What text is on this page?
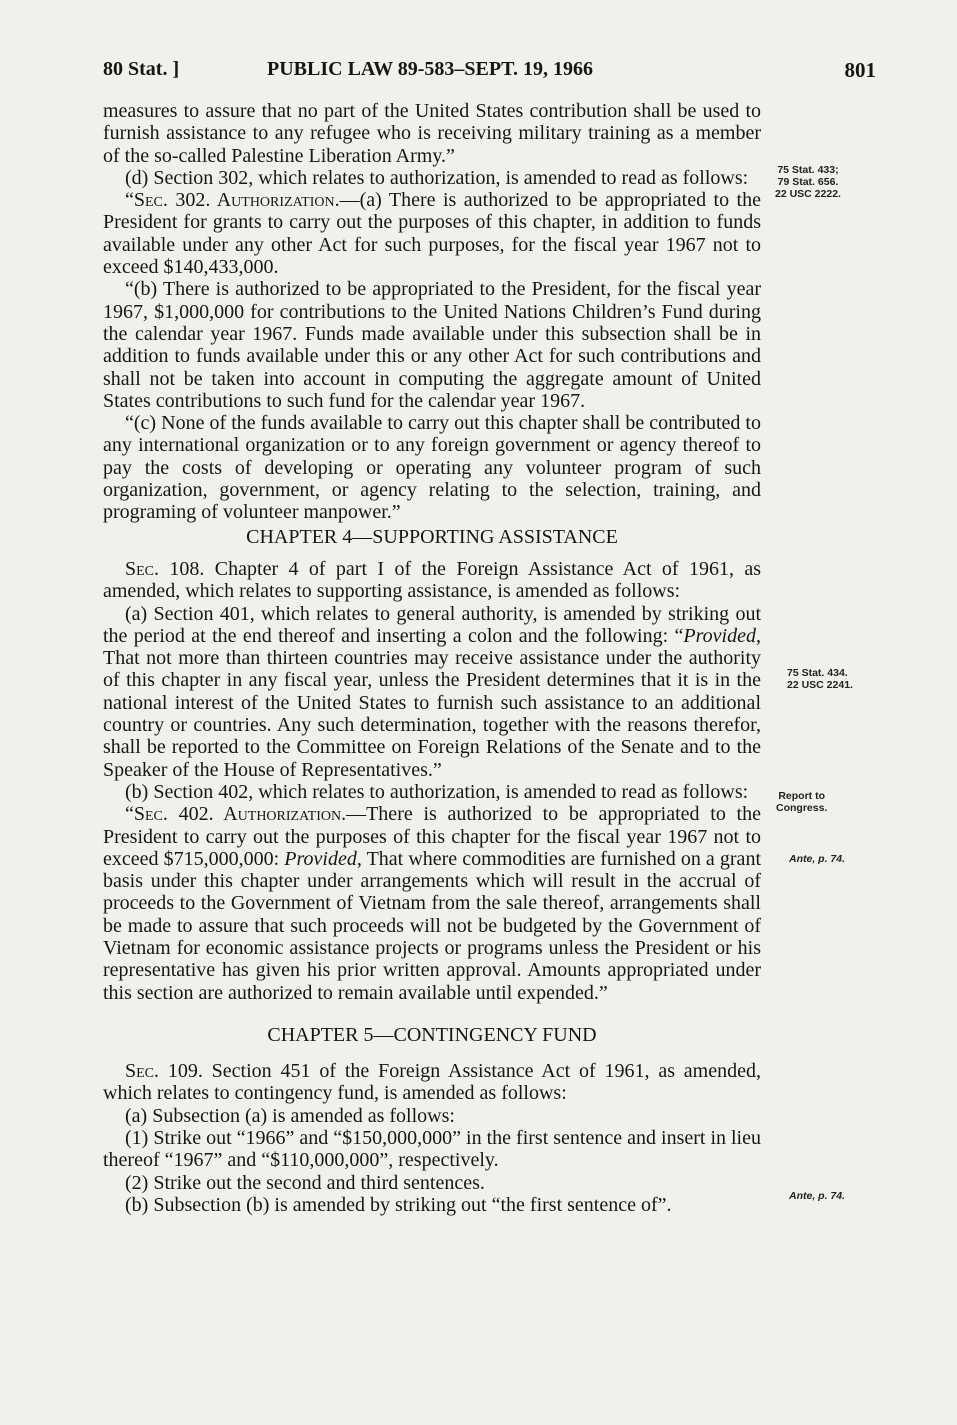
80 Stat. ]	PUBLIC LAW 89-583–SEPT. 19, 1966	801

measures to assure that no part of the United States contribution shall be used to furnish assistance to any refugee who is receiving military training as a member of the so-called Palestine Liberation Army.”

(d) Section 302, which relates to authorization, is amended to read as follows:

“Sec. 302. Authorization.—(a) There is authorized to be appropriated to the President for grants to carry out the purposes of this chapter, in addition to funds available under any other Act for such purposes, for the fiscal year 1967 not to exceed $140,433,000.

“(b) There is authorized to be appropriated to the President, for the fiscal year 1967, $1,000,000 for contributions to the United Nations Children’s Fund during the calendar year 1967. Funds made available under this subsection shall be in addition to funds available under this or any other Act for such contributions and shall not be taken into account in computing the aggregate amount of United States contributions to such fund for the calendar year 1967.

“(c) None of the funds available to carry out this chapter shall be contributed to any international organization or to any foreign government or agency thereof to pay the costs of developing or operating any volunteer program of such organization, government, or agency relating to the selection, training, and programing of volunteer manpower.”

CHAPTER 4—SUPPORTING ASSISTANCE

Sec. 108. Chapter 4 of part I of the Foreign Assistance Act of 1961, as amended, which relates to supporting assistance, is amended as follows:

(a) Section 401, which relates to general authority, is amended by striking out the period at the end thereof and inserting a colon and the following: “Provided, That not more than thirteen countries may receive assistance under the authority of this chapter in any fiscal year, unless the President determines that it is in the national interest of the United States to furnish such assistance to an additional country or countries. Any such determination, together with the reasons therefor, shall be reported to the Committee on Foreign Relations of the Senate and to the Speaker of the House of Representatives.”

(b) Section 402, which relates to authorization, is amended to read as follows:

“Sec. 402. Authorization.—There is authorized to be appropriated to the President to carry out the purposes of this chapter for the fiscal year 1967 not to exceed $715,000,000: Provided, That where commodities are furnished on a grant basis under this chapter under arrangements which will result in the accrual of proceeds to the Government of Vietnam from the sale thereof, arrangements shall be made to assure that such proceeds will not be budgeted by the Government of Vietnam for economic assistance projects or programs unless the President or his representative has given his prior written approval. Amounts appropriated under this section are authorized to remain available until expended.”

CHAPTER 5—CONTINGENCY FUND

Sec. 109. Section 451 of the Foreign Assistance Act of 1961, as amended, which relates to contingency fund, is amended as follows:

(a) Subsection (a) is amended as follows:

(1) Strike out “1966” and “$150,000,000” in the first sentence and insert in lieu thereof “1967” and “$110,000,000”, respectively.

(2) Strike out the second and third sentences.

(b) Subsection (b) is amended by striking out “the first sentence of”.

75 Stat. 433;
79 Stat. 656.
22 USC 2222.
75 Stat. 434.
22 USC 2241.
Report to
Congress.
Ante, p. 74.
Ante, p. 74.
